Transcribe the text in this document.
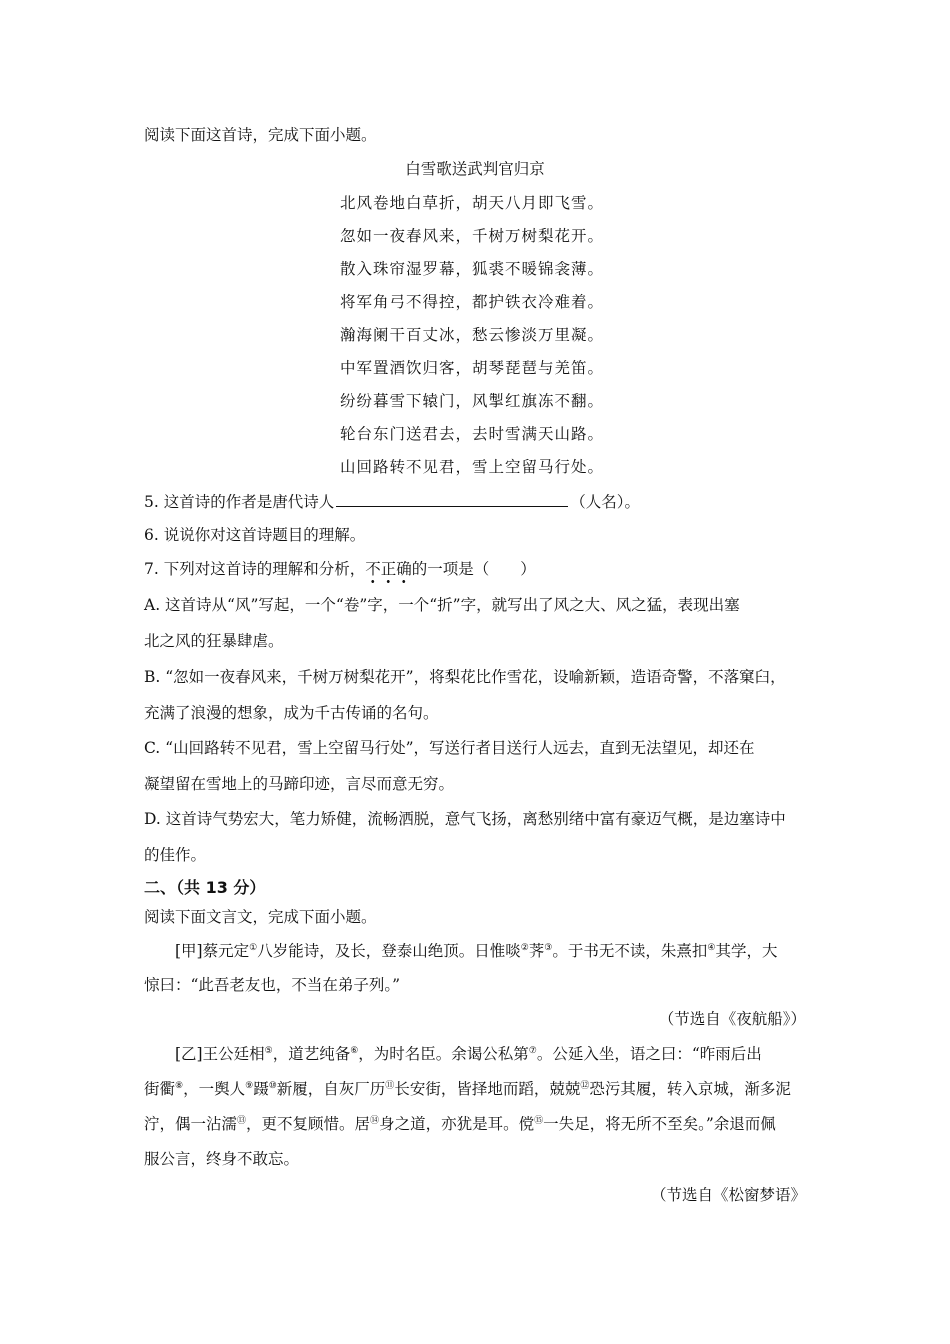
阅读下面这首诗，完成下面小题。
白雪歌送武判官归京
北风卷地白草折，胡天八月即飞雪。
忽如一夜春风来，千树万树梨花开。
散入珠帘湿罗幕，狐裘不暖锦衾薄。
将军角弓不得控，都护铁衣冷难着。
瀚海阑干百丈冰，愁云惨淡万里凝。
中军置酒饮归客，胡琴琵琶与羌笛。
纷纷暮雪下辕门，风掣红旗冻不翻。
轮台东门送君去，去时雪满天山路。
山回路转不见君，雪上空留马行处。
5. 这首诗的作者是唐代诗人	（人名）。
6. 说说你对这首诗题目的理解。
7. 下列对这首诗的理解和分析，不正确的一项是（　　）
A. 这首诗从“风”写起，一个“卷”字，一个“折”字，就写出了风之大、风之猛，表现出塞
北之风的狂暴肆虐。
B. “忽如一夜春风来，千树万树梨花开”，将梨花比作雪花，设喻新颖，造语奇警，不落窠臼，
充满了浪漫的想象，成为千古传诵的名句。
C. “山回路转不见君，雪上空留马行处”，写送行者目送行人远去，直到无法望见，却还在
凝望留在雪地上的马蹄印迹，言尽而意无穷。
D. 这首诗气势宏大，笔力矫健，流畅洒脱，意气飞扬，离愁别绪中富有豪迈气概，是边塞诗中
的佳作。
二、（共 13 分）
阅读下面文言文，完成下面小题。
[甲]蔡元定①八岁能诗，及长，登泰山绝顶。日惟啖②荠③。于书无不读，朱熹扣④其学，大
惊曰：“此吾老友也，不当在弟子列。”
（节选自《夜航船》）
[乙]王公廷相⑤，道艺纯备⑥，为时名臣。余谒公私第⑦。公延入坐，语之曰：“昨雨后出
街衢⑧，一舆人⑨蹑⑩新履，自灰厂历⑪长安街，皆择地而蹈，兢兢⑫恐污其履，转入京城，渐多泥
泞，偶一沾濡⑬，更不复顾惜。居⑭身之道，亦犹是耳。傥⑮一失足，将无所不至矣。”余退而佩
服公言，终身不敢忘。
（节选自《松窗梦语》
